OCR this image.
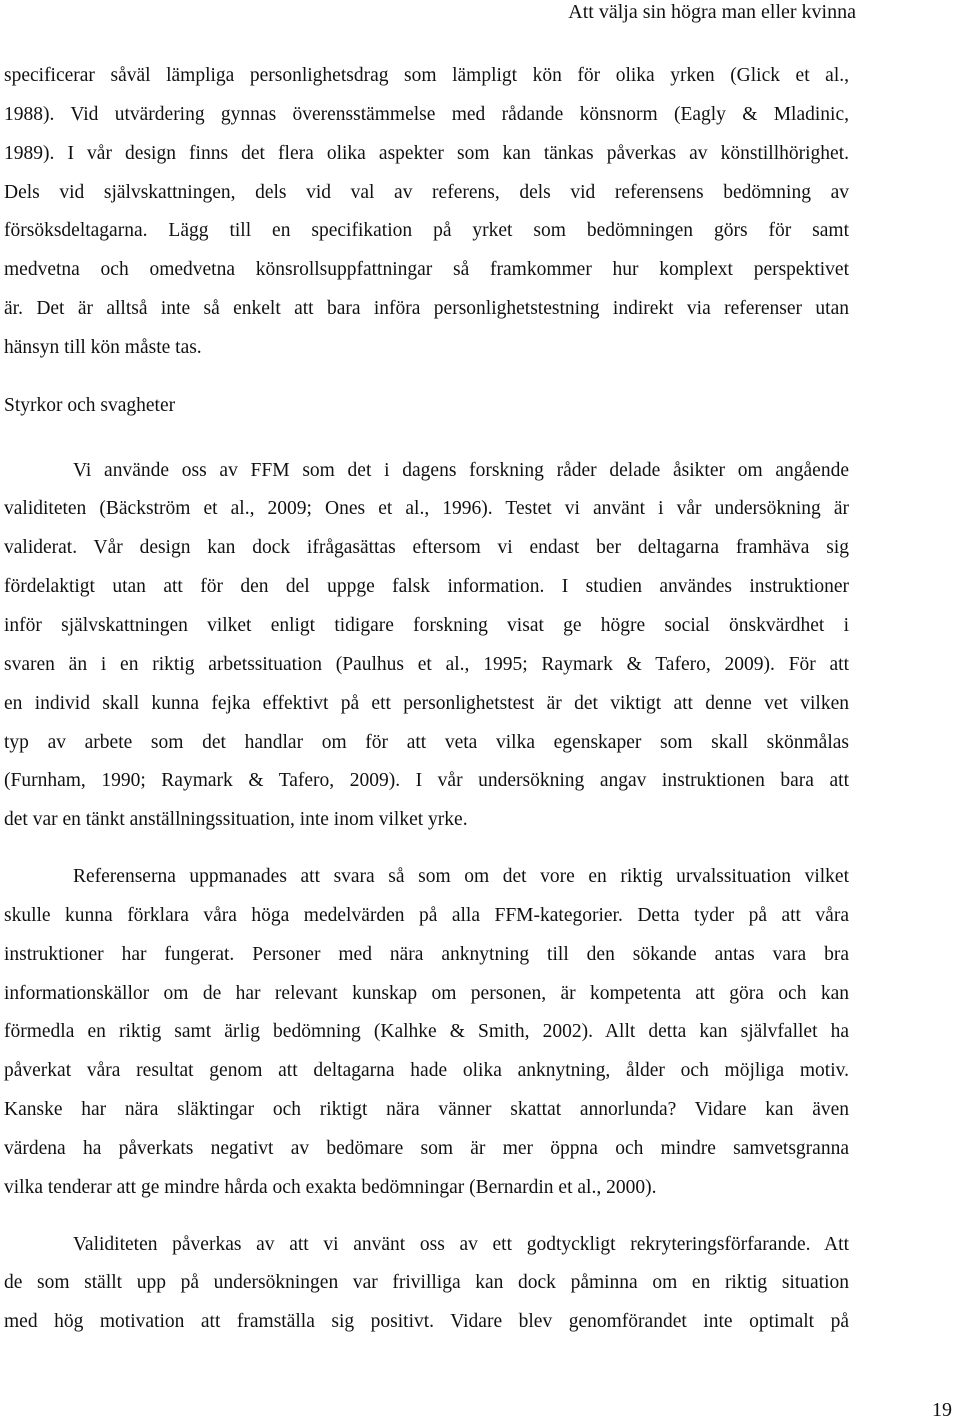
Att välja sin högra man eller kvinna
specificerar såväl lämpliga personlighetsdrag som lämpligt kön för olika yrken (Glick et al.,
1988). Vid utvärdering gynnas överensstämmelse med rådande könsnorm (Eagly & Mladinic,
1989). I vår design finns det flera olika aspekter som kan tänkas påverkas av könstillhörighet.
Dels vid självskattningen, dels vid val av referens, dels vid referensens bedömning av
försöksdeltagarna. Lägg till en specifikation på yrket som bedömningen görs för samt
medvetna och omedvetna könsrollsuppfattningar så framkommer hur komplext perspektivet
är. Det är alltså inte så enkelt att bara införa personlighetstestning indirekt via referenser utan
hänsyn till kön måste tas.
Styrkor och svagheter
Vi använde oss av FFM som det i dagens forskning råder delade åsikter om angående
validiteten (Bäckström et al., 2009; Ones et al., 1996). Testet vi använt i vår undersökning är
validerat. Vår design kan dock ifrågasättas eftersom vi endast ber deltagarna framhäva sig
fördelaktigt utan att för den del uppge falsk information. I studien användes instruktioner
inför självskattningen vilket enligt tidigare forskning visat ge högre social önskvärdhet i
svaren än i en riktig arbetssituation (Paulhus et al., 1995; Raymark & Tafero, 2009). För att
en individ skall kunna fejka effektivt på ett personlighetstest är det viktigt att denne vet vilken
typ av arbete som det handlar om för att veta vilka egenskaper som skall skönmålas
(Furnham, 1990; Raymark & Tafero, 2009). I vår undersökning angav instruktionen bara att
det var en tänkt anställningssituation, inte inom vilket yrke.
Referenserna uppmanades att svara så som om det vore en riktig urvalssituation vilket
skulle kunna förklara våra höga medelvärden på alla FFM-kategorier. Detta tyder på att våra
instruktioner har fungerat. Personer med nära anknytning till den sökande antas vara bra
informationskällor om de har relevant kunskap om personen, är kompetenta att göra och kan
förmedla en riktig samt ärlig bedömning (Kalhke & Smith, 2002). Allt detta kan självfallet ha
påverkat våra resultat genom att deltagarna hade olika anknytning, ålder och möjliga motiv.
Kanske har nära släktingar och riktigt nära vänner skattat annorlunda? Vidare kan även
värdena ha påverkats negativt av bedömare som är mer öppna och mindre samvetsgranna
vilka tenderar att ge mindre hårda och exakta bedömningar (Bernardin et al., 2000).
Validiteten påverkas av att vi använt oss av ett godtyckligt rekryteringsförfarande. Att
de som ställt upp på undersökningen var frivilliga kan dock påminna om en riktig situation
med hög motivation att framställa sig positivt. Vidare blev genomförandet inte optimalt på
19
